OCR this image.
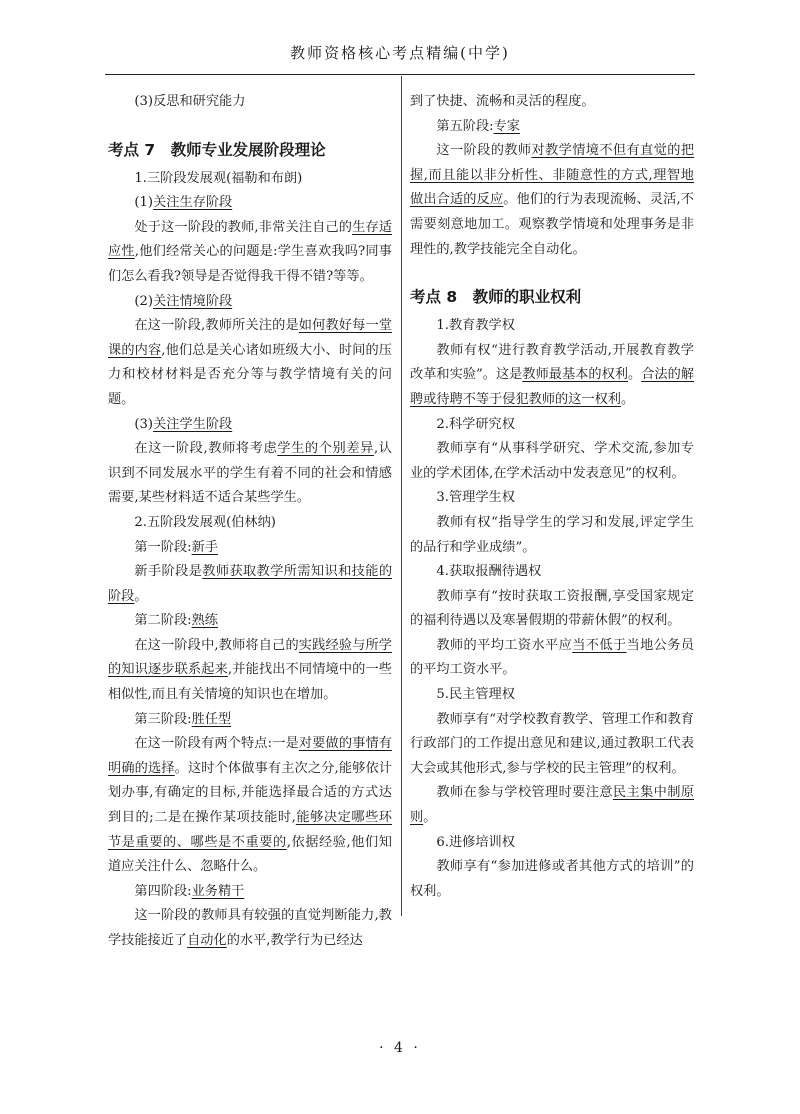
教师资格核心考点精编(中学)

(3)反思和研究能力

考点 7　教师专业发展阶段理论

1.三阶段发展观(福勒和布朗)

(1)关注生存阶段

处于这一阶段的教师,非常关注自己的生存适应性,他们经常关心的问题是:学生喜欢我吗?同事们怎么看我?领导是否觉得我干得不错?等等。

(2)关注情境阶段

在这一阶段,教师所关注的是如何教好每一堂课的内容,他们总是关心诸如班级大小、时间的压力和校材材料是否充分等与教学情境有关的问题。

(3)关注学生阶段

在这一阶段,教师将考虑学生的个别差异,认识到不同发展水平的学生有着不同的社会和情感需要,某些材料适不适合某些学生。

2.五阶段发展观(伯林纳)

第一阶段:新手

新手阶段是教师获取教学所需知识和技能的阶段。

第二阶段:熟练

在这一阶段中,教师将自己的实践经验与所学的知识逐步联系起来,并能找出不同情境中的一些相似性,而且有关情境的知识也在增加。

第三阶段:胜任型

在这一阶段有两个特点:一是对要做的事情有明确的选择。这时个体做事有主次之分,能够依计划办事,有确定的目标,并能选择最合适的方式达到目的;二是在操作某项技能时,能够决定哪些环节是重要的、哪些是不重要的,依据经验,他们知道应关注什么、忽略什么。

第四阶段:业务精干

这一阶段的教师具有较强的直觉判断能力,教学技能接近了自动化的水平,教学行为已经达

到了快捷、流畅和灵活的程度。

第五阶段:专家

这一阶段的教师对教学情境不但有直觉的把握,而且能以非分析性、非随意性的方式,理智地做出合适的反应。他们的行为表现流畅、灵活,不需要刻意地加工。观察教学情境和处理事务是非理性的,教学技能完全自动化。

考点 8　教师的职业权利

1.教育教学权

教师有权“进行教育教学活动,开展教育教学改革和实验”。这是教师最基本的权利。合法的解聘或待聘不等于侵犯教师的这一权利。

2.科学研究权

教师享有“从事科学研究、学术交流,参加专业的学术团体,在学术活动中发表意见”的权利。

3.管理学生权

教师有权“指导学生的学习和发展,评定学生的品行和学业成绩”。

4.获取报酬待遇权

教师享有“按时获取工资报酬,享受国家规定的福利待遇以及寒暑假期的带薪休假”的权利。

教师的平均工资水平应当不低于当地公务员的平均工资水平。

5.民主管理权

教师享有“对学校教育教学、管理工作和教育行政部门的工作提出意见和建议,通过教职工代表大会或其他形式,参与学校的民主管理”的权利。

教师在参与学校管理时要注意民主集中制原则。

6.进修培训权

教师享有“参加进修或者其他方式的培训”的权利。

· 4 ·
